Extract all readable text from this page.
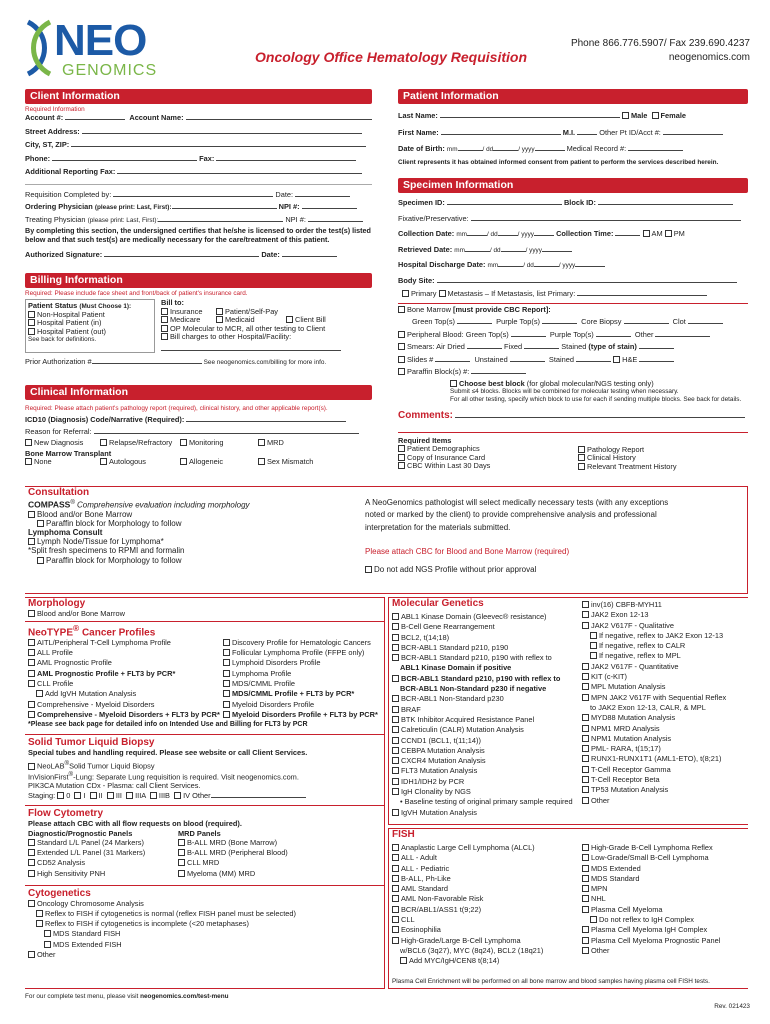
NEO
GENOMICS
Oncology Office Hematology Requisition
Phone 866.776.5907/ Fax 239.690.4237
neogenomics.com
Client Information
Required Information
Account #:	Account Name:
Street Address:
City, ST, ZIP:
Phone:	Fax:
Additional Reporting Fax:
Requisition Completed by:	Date:
Ordering Physician (please print: Last, First):	NPI #:
Treating Physician (please print: Last, First):	NPI #:
By completing this section, the undersigned certifies that he/she is licensed to order the test(s) listed below and that such test(s) are medically necessary for the care/treatment of this patient.
Authorized Signature:	Date:
Patient Information
Last Name:	Male Female
First Name:	M.I.	Other Pt ID/Acct #:
Date of Birth: mm	/ dd	/ yyyy	Medical Record #:
Client represents it has obtained informed consent from patient to perform the services described herein.
Specimen Information
Specimen ID:	Block ID:
Fixative/Preservative:
Collection Date: mm	/ dd	/ yyyy	Collection Time:	AM PM
Retrieved Date: mm	/ dd	/ yyyy
Hospital Discharge Date: mm	/ dd	/ yyyy
Body Site:
Primary Metastasis – If Metastasis, list Primary:
Bone Marrow [must provide CBC Report]:
Green Top(s)	Purple Top(s)	Core Biopsy	Clot
Peripheral Blood: Green Top(s)	Purple Top(s)	Other
Smears: Air Dried	Fixed	Stained (type of stain)
Slides #	Unstained	Stained	H&E
Paraffin Block(s) #:
Choose best block (for global molecular/NGS testing only)
Submit ≤4 blocks. Blocks will be combined for molecular testing when necessary.
For all other testing, specify which block to use for each if sending multiple blocks. See back for details.
Billing Information
Required: Please include face sheet and front/back of patient's insurance card.
Patient Status (Must Choose 1):
Non-Hospital Patient
Hospital Patient (in)
Hospital Patient (out)
See back for definitions.
Bill to:
Insurance	Patient/Self-Pay
Medicare	Medicaid	Client Bill
OP Molecular to MCR, all other testing to Client
Bill charges to other Hospital/Facility:
Prior Authorization #	See neogenomics.com/billing for more info.
Clinical Information
Required: Please attach patient's pathology report (required), clinical history, and other applicable report(s).
ICD10 (Diagnosis) Code/Narrative (Required):
Reason for Referral:
New Diagnosis	Relapse/Refractory Monitoring	MRD
Bone Marrow Transplant
None	Autologous	Allogeneic	Sex Mismatch
Comments:
Required Items
Patient Demographics
Copy of Insurance Card
CBC Within Last 30 Days
Pathology Report
Clinical History
Relevant Treatment History
Consultation
COMPASS® Comprehensive evaluation including morphology
Blood and/or Bone Marrow
Paraffin block for Morphology to follow
Lymphoma Consult
Lymph Node/Tissue for Lymphoma*
*Split fresh specimens to RPMI and formalin
Paraffin block for Morphology to follow
A NeoGenomics pathologist will select medically necessary tests (with any exceptions noted or marked by the client) to provide comprehensive analysis and professional interpretation for the materials submitted.
Please attach CBC for Blood and Bone Marrow (required)
Do not add NGS Profile without prior approval
Morphology
Blood and/or Bone Marrow
NeoTYPE® Cancer Profiles
AITL/Peripheral T-Cell Lymphoma Profile
ALL Profile
AML Prognostic Profile
AML Prognostic Profile + FLT3 by PCR*
CLL Profile
Add IgVH Mutation Analysis
Comprehensive - Myeloid Disorders
Comprehensive - Myeloid Disorders + FLT3 by PCR*
Discovery Profile for Hematologic Cancers
Follicular Lymphoma Profile (FFPE only)
Lymphoid Disorders Profile
Lymphoma Profile
MDS/CMML Profile
MDS/CMML Profile + FLT3 by PCR*
Myeloid Disorders Profile
Myeloid Disorders Profile + FLT3 by PCR*
*Please see back page for detailed info on Intended Use and Billing for FLT3 by PCR
Solid Tumor Liquid Biopsy
Special tubes and handling required. Please see website or call Client Services.
NeoLAB®Solid Tumor Liquid Biopsy
InVisionFirst®-Lung: Separate Lung requisition is required. Visit neogenomics.com.
PIK3CA Mutation CDx - Plasma: call Client Services.
Staging: 0 I II III IIIA IIIB IV Other
Flow Cytometry
Please attach CBC with all flow requests on blood (required).
Diagnostic/Prognostic Panels
Standard L/L Panel (24 Markers)
Extended L/L Panel (31 Markers)
CD52 Analysis
High Sensitivity PNH
MRD Panels
B-ALL MRD (Bone Marrow)
B-ALL MRD (Peripheral Blood)
CLL MRD
Myeloma (MM) MRD
Cytogenetics
Oncology Chromosome Analysis
Reflex to FISH if cytogenetics is normal (reflex FISH panel must be selected)
Reflex to FISH if cytogenetics is incomplete (<20 metaphases)
MDS Standard FISH
MDS Extended FISH
Other
Molecular Genetics
ABL1 Kinase Domain (Gleevec® resistance)
B-Cell Gene Rearrangement
BCL2, t(14;18)
BCR-ABL1 Standard p210, p190
BCR-ABL1 Standard p210, p190 with reflex to
ABL1 Kinase Domain if positive
BCR-ABL1 Standard p210, p190 with reflex to
BCR-ABL1 Non-Standard p230 if negative
BCR-ABL1 Non-Standard p230
BRAF
BTK Inhibitor Acquired Resistance Panel
Calreticulin (CALR) Mutation Analysis
CCND1 (BCL1, t(11;14))
CEBPA Mutation Analysis
CXCR4 Mutation Analysis
FLT3 Mutation Analysis
IDH1/IDH2 by PCR
IgH Clonality by NGS
• Baseline testing of original primary sample required
IgVH Mutation Analysis
inv(16) CBFB-MYH11
JAK2 Exon 12-13
JAK2 V617F - Qualitative
If negative, reflex to JAK2 Exon 12-13
If negative, reflex to CALR
If negative, reflex to MPL
JAK2 V617F - Quantitative
KIT (c-KIT)
MPL Mutation Analysis
MPN JAK2 V617F with Sequential Reflex
to JAK2 Exon 12-13, CALR, & MPL
MYD88 Mutation Analysis
NPM1 MRD Analysis
NPM1 Mutation Analysis
PML- RARA, t(15;17)
RUNX1-RUNX1T1 (AML1-ETO), t(8;21)
T-Cell Receptor Gamma
T-Cell Receptor Beta
TP53 Mutation Analysis
Other
FISH
Anaplastic Large Cell Lymphoma (ALCL)
ALL - Adult
ALL - Pediatric
B-ALL, Ph-Like
AML Standard
AML Non-Favorable Risk
BCR/ABL1/ASS1 t(9;22)
CLL
Eosinophilia
High-Grade/Large B-Cell Lymphoma
w/BCL6 (3q27), MYC (8q24), BCL2 (18q21)
Add MYC/IgH/CEN8 t(8;14)
High-Grade B-Cell Lymphoma Reflex
Low-Grade/Small B-Cell Lymphoma
MDS Extended
MDS Standard
MPN
NHL
Plasma Cell Myeloma
Do not reflex to IgH Complex
Plasma Cell Myeloma IgH Complex
Plasma Cell Myeloma Prognostic Panel
Other
Plasma Cell Enrichment will be performed on all bone marrow and blood samples having plasma cell FISH tests.
For our complete test menu, please visit neogenomics.com/test-menu
Rev. 021423
